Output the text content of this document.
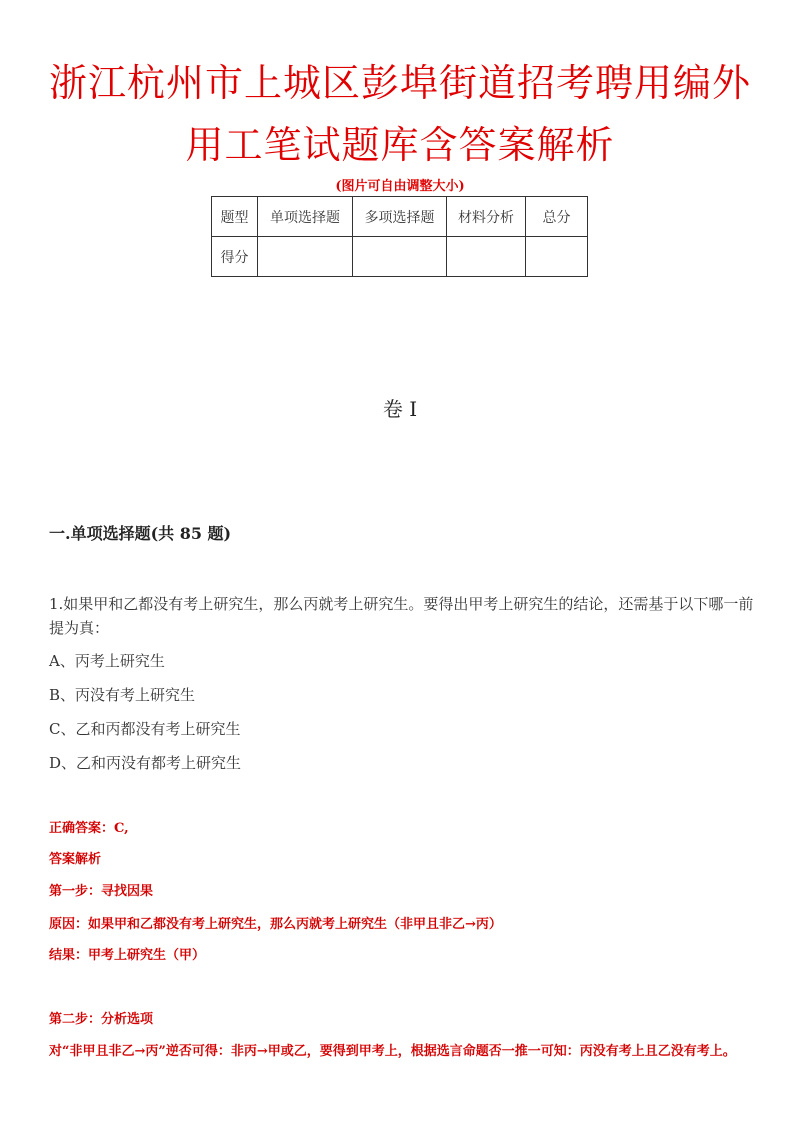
浙江杭州市上城区彭埠街道招考聘用编外
用工笔试题库含答案解析
(图片可自由调整大小)
题型	单项选择题	多项选择题	材料分析	总分
得分				
卷 I
一.单项选择题(共 85 题)
1.如果甲和乙都没有考上研究生，那么丙就考上研究生。要得出甲考上研究生的结论，还需基于以下哪一前提为真：
A、丙考上研究生
B、丙没有考上研究生
C、乙和丙都没有考上研究生
D、乙和丙没有都考上研究生
正确答案：C,
答案解析
第一步：寻找因果
原因：如果甲和乙都没有考上研究生，那么丙就考上研究生（非甲且非乙→丙）
结果：甲考上研究生（甲）
第二步：分析选项
对“非甲且非乙→丙”逆否可得：非丙→甲或乙，要得到甲考上，根据选言命题否一推一可知：丙没有考上且乙没有考上。
